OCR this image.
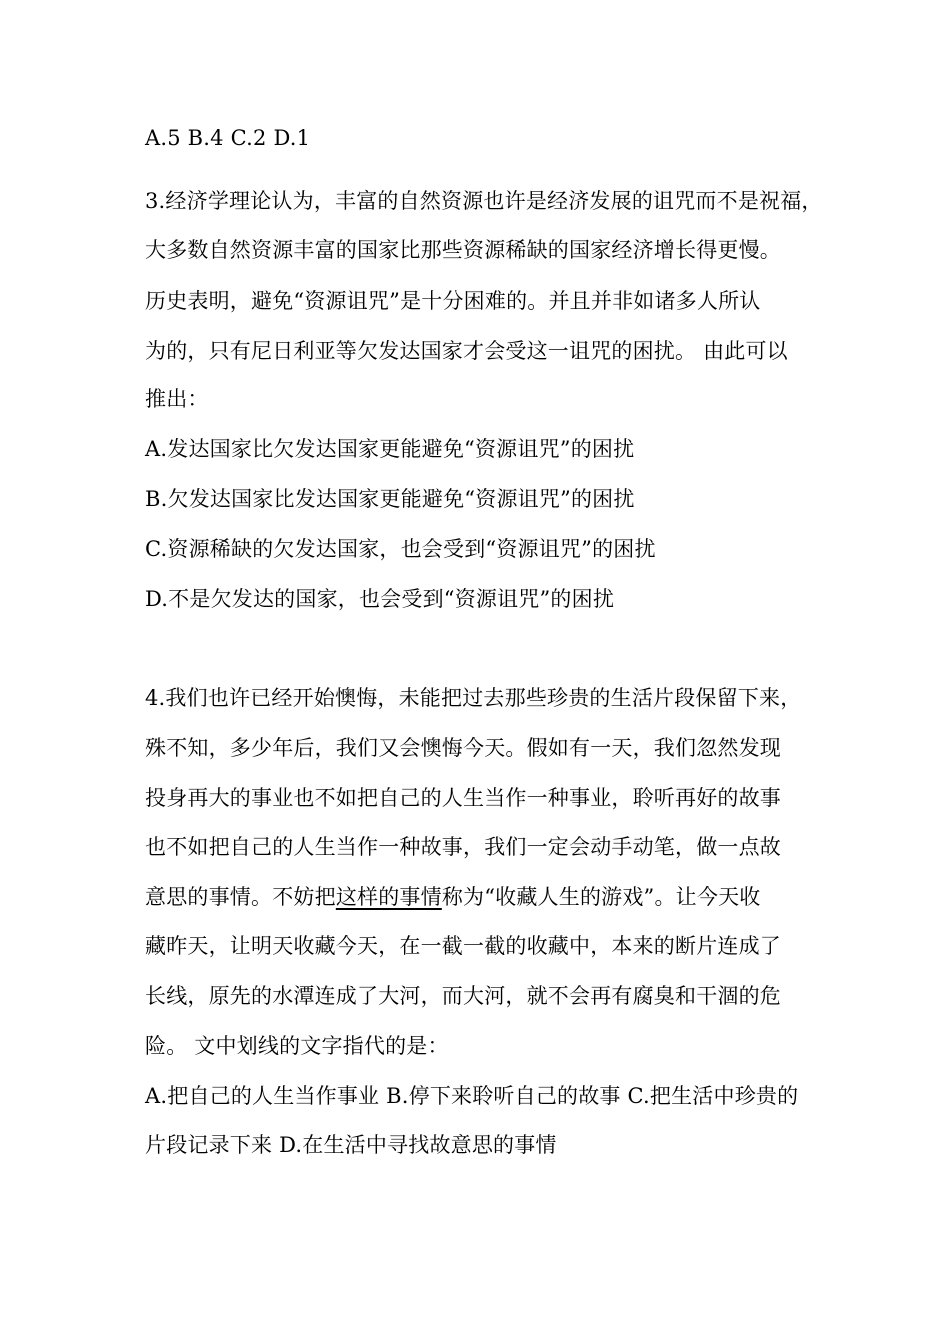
A.5 B.4 C.2 D.1
3.经济学理论认为，丰富的自然资源也许是经济发展的诅咒而不是祝福，
大多数自然资源丰富的国家比那些资源稀缺的国家经济增长得更慢。
历史表明，避免“资源诅咒”是十分困难的。并且并非如诸多人所认
为的，只有尼日利亚等欠发达国家才会受这一诅咒的困扰。 由此可以
推出：
A.发达国家比欠发达国家更能避免“资源诅咒”的困扰
B.欠发达国家比发达国家更能避免“资源诅咒”的困扰
C.资源稀缺的欠发达国家，也会受到“资源诅咒”的困扰
D.不是欠发达的国家，也会受到“资源诅咒”的困扰
4.我们也许已经开始懊悔，未能把过去那些珍贵的生活片段保留下来，
殊不知，多少年后，我们又会懊悔今天。假如有一天，我们忽然发现
投身再大的事业也不如把自己的人生当作一种事业，聆听再好的故事
也不如把自己的人生当作一种故事，我们一定会动手动笔，做一点故
意思的事情。不妨把这样的事情称为“收藏人生的游戏”。让今天收
藏昨天，让明天收藏今天，在一截一截的收藏中，本来的断片连成了
长线，原先的水潭连成了大河，而大河，就不会再有腐臭和干涸的危
险。 文中划线的文字指代的是：
A.把自己的人生当作事业 B.停下来聆听自己的故事 C.把生活中珍贵的
片段记录下来 D.在生活中寻找故意思的事情
